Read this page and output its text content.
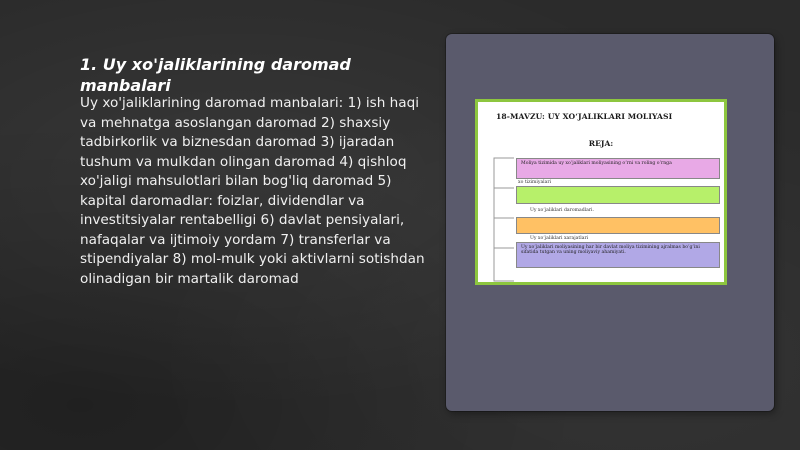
1. Uy xo'jaliklarining daromad manbalari
Uy xo'jaliklarining daromad manbalari: 1) ish haqi va mehnatga asoslangan daromad 2) shaxsiy tadbirkorlik va biznesdan daromad 3) ijaradan tushum va mulkdan olingan daromad 4) qishloq xo'jaligi mahsulotlari bilan bog'liq daromad 5) kapital daromadlar: foizlar, dividendlar va investitsiyalar rentabelligi 6) davlat pensiyalari, nafaqalar va ijtimoiy yordam 7) transferlar va stipendiyalar 8) mol-mulk yoki aktivlarni sotishdan olinadigan bir martalik daromad
18-MAVZU: UY XO‘JALIKLARI MOLIYASI
REJA:
Moliya tizimida uy xo‘jaliklari moliyasining o‘rni va roling o‘rnga
xo tizimiyalari
Uy xo‘jaliklari daromadlari.
Uy xo‘jaliklari xarajatlari
Uy xo‘jaliklari moliyasining har bir davlat moliya tizimining ajralmas bo‘g‘ini sifatida tutgan va uning moliyaviy ahamiyati.
